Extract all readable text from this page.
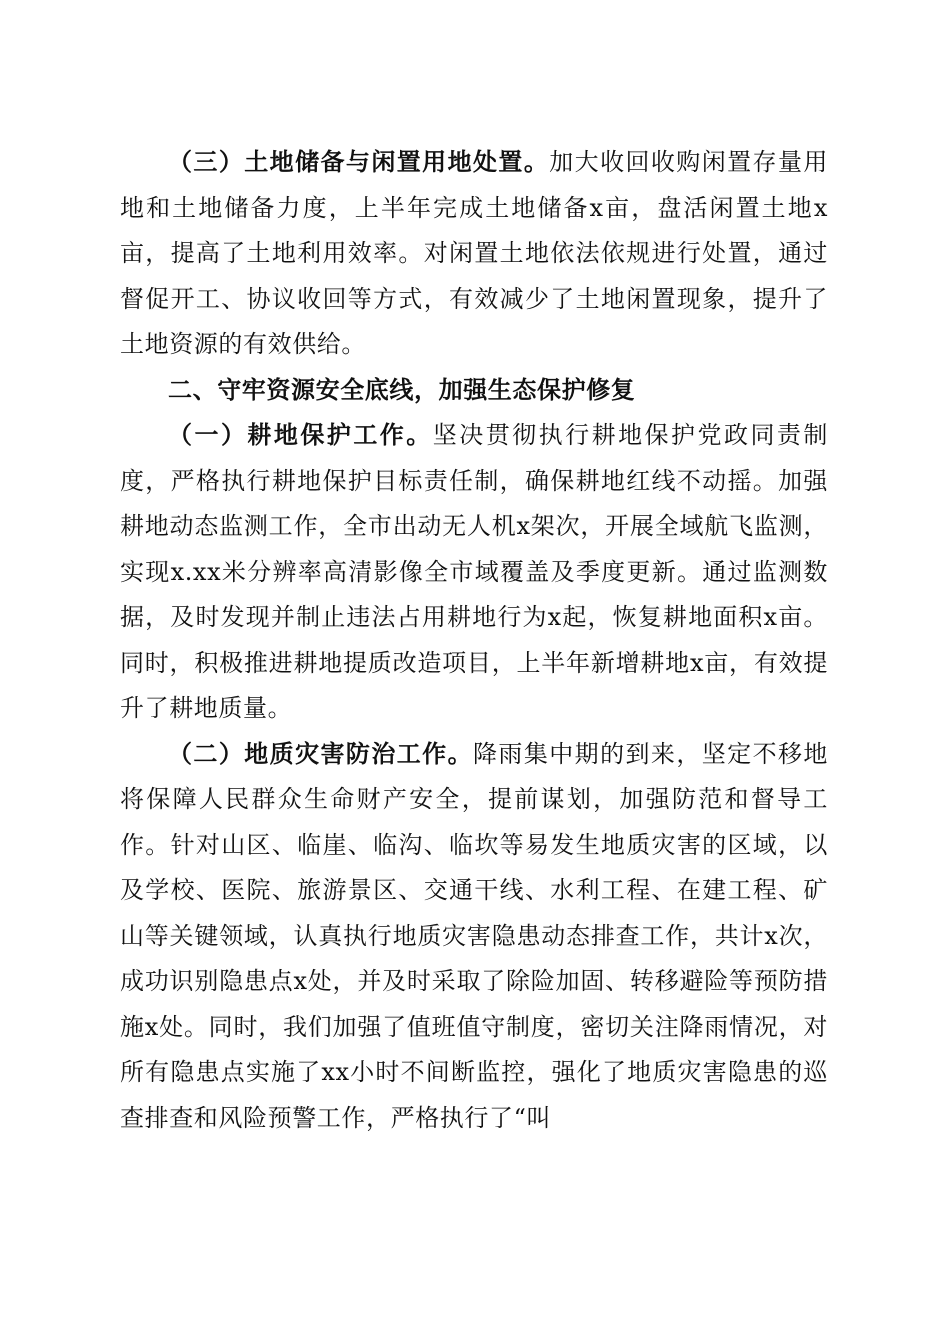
（三）土地储备与闲置用地处置。加大收回收购闲置存量用地和土地储备力度，上半年完成土地储备x亩，盘活闲置土地x亩，提高了土地利用效率。对闲置土地依法依规进行处置，通过督促开工、协议收回等方式，有效减少了土地闲置现象，提升了土地资源的有效供给。

二、守牢资源安全底线，加强生态保护修复

（一）耕地保护工作。坚决贯彻执行耕地保护党政同责制度，严格执行耕地保护目标责任制，确保耕地红线不动摇。加强耕地动态监测工作，全市出动无人机x架次，开展全域航飞监测，实现x.xx米分辨率高清影像全市域覆盖及季度更新。通过监测数据，及时发现并制止违法占用耕地行为x起，恢复耕地面积x亩。同时，积极推进耕地提质改造项目，上半年新增耕地x亩，有效提升了耕地质量。

（二）地质灾害防治工作。降雨集中期的到来，坚定不移地将保障人民群众生命财产安全，提前谋划，加强防范和督导工作。针对山区、临崖、临沟、临坎等易发生地质灾害的区域，以及学校、医院、旅游景区、交通干线、水利工程、在建工程、矿山等关键领域，认真执行地质灾害隐患动态排查工作，共计x次，成功识别隐患点x处，并及时采取了除险加固、转移避险等预防措施x处。同时，我们加强了值班值守制度，密切关注降雨情况，对所有隐患点实施了xx小时不间断监控，强化了地质灾害隐患的巡查排查和风险预警工作，严格执行了“叫
